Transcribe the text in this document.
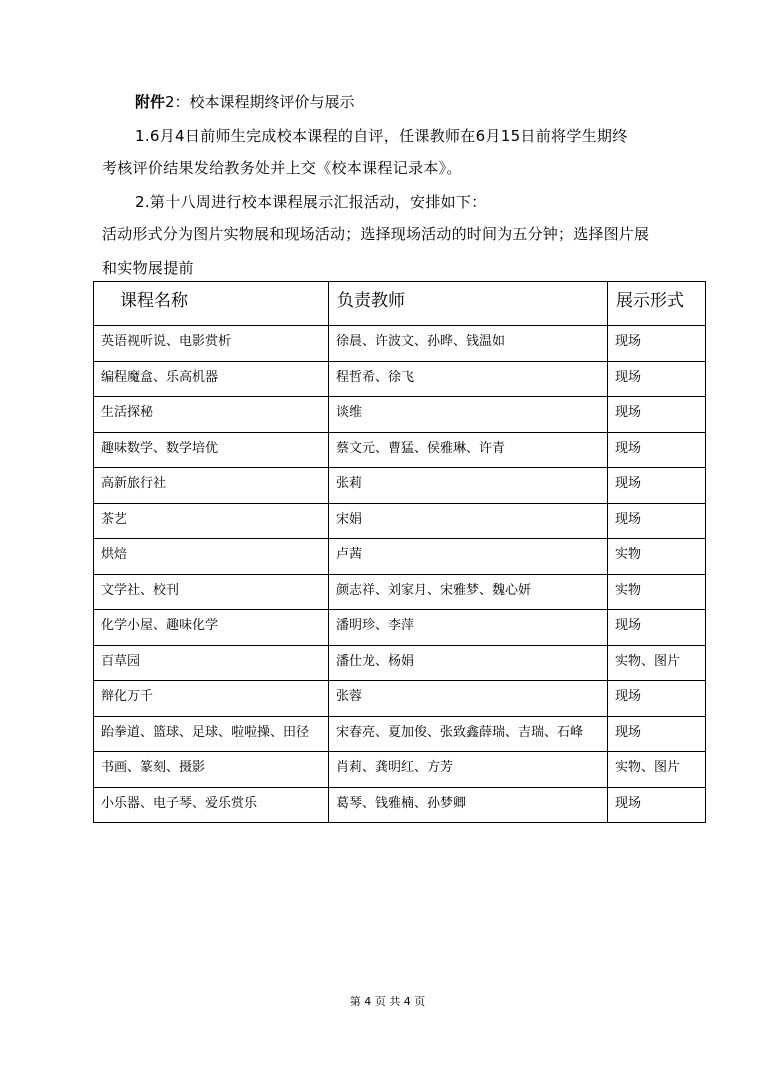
附件2：校本课程期终评价与展示
1.6月4日前师生完成校本课程的自评，任课教师在6月15日前将学生期终
考核评价结果发给教务处并上交《校本课程记录本》。
2.第十八周进行校本课程展示汇报活动，安排如下：
活动形式分为图片实物展和现场活动；选择现场活动的时间为五分钟；选择图片展
和实物展提前
课程名称	负责教师	展示形式

英语视听说、电影赏析	徐晨、许波文、孙晔、钱温如	现场

编程魔盒、乐高机器	程哲希、徐飞	现场

生活探秘	谈维	现场

趣味数学、数学培优	蔡文元、曹猛、侯雅琳、许青	现场

高新旅行社	张莉	现场

茶艺	宋娟	现场

烘焙	卢茜	实物

文学社、校刊	颜志祥、刘家月、宋雅梦、魏心妍	实物

化学小屋、趣味化学	潘明珍、李萍	现场

百草园	潘仕龙、杨娟	实物、图片

辩化万千	张蓉	现场

跆拳道、篮球、足球、啦啦操、田径	宋春亮、夏加俊、张致鑫薛瑞、吉瑞、石峰	现场

书画、篆刻、摄影	肖莉、龚明红、方芳	实物、图片

小乐器、电子琴、爱乐赏乐	葛琴、钱雅楠、孙梦卿	现场
第 4 页 共 4 页
